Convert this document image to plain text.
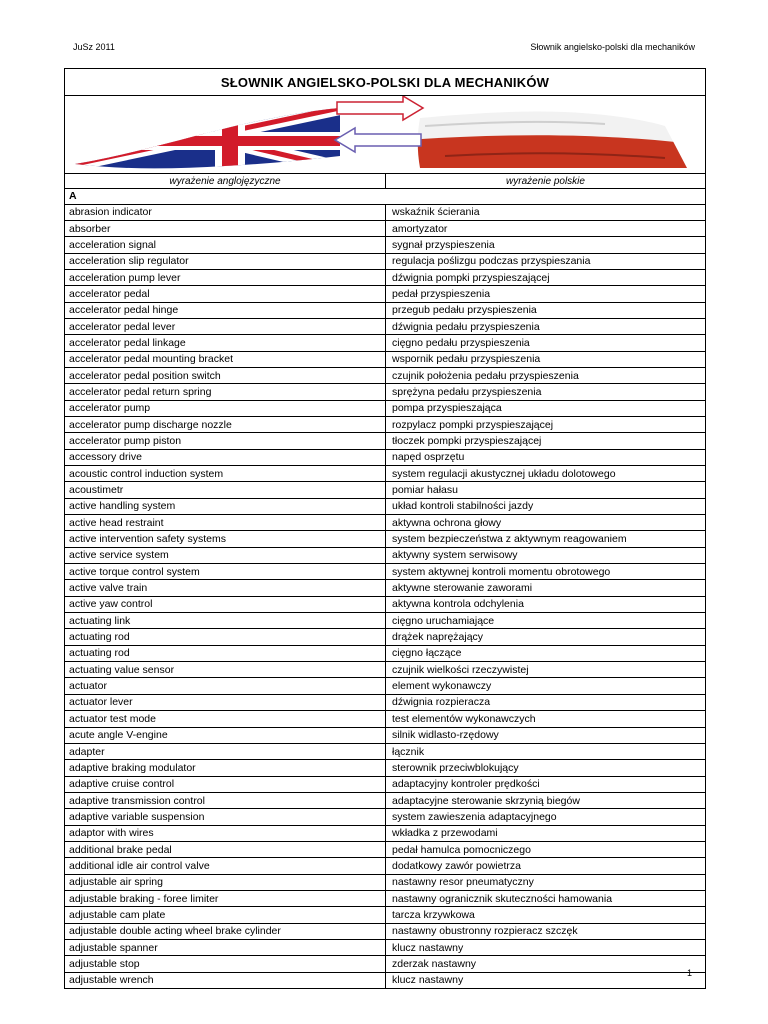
JuSz 2011	Słownik angielsko-polski dla mechaników
SŁOWNIK ANGIELSKO-POLSKI DLA MECHANIKÓW
wyrażenie anglojęzyczne	wyrażenie polskie
A
abrasion indicator	wskaźnik ścierania
absorber	amortyzator
acceleration signal	sygnał przyspieszenia
acceleration slip regulator	regulacja poślizgu podczas przyspieszania
acceleration pump lever	dźwignia pompki przyspieszającej
accelerator pedal	pedał przyspieszenia
accelerator pedal hinge	przegub pedału przyspieszenia
accelerator pedal lever	dźwignia pedału przyspieszenia
accelerator pedal linkage	cięgno pedału przyspieszenia
accelerator pedal mounting bracket	wspornik pedału przyspieszenia
accelerator pedal position switch	czujnik położenia pedału przyspieszenia
accelerator pedal return spring	sprężyna pedału przyspieszenia
accelerator pump	pompa przyspieszająca
accelerator pump discharge nozzle	rozpylacz pompki przyspieszającej
accelerator pump piston	tłoczek pompki przyspieszającej
accessory drive	napęd osprzętu
acoustic control induction system	system regulacji akustycznej układu dolotowego
acoustimetr	pomiar hałasu
active handling system	układ kontroli stabilności jazdy
active head restraint	aktywna ochrona głowy
active intervention safety systems	system bezpieczeństwa z aktywnym reagowaniem
active service system	aktywny system serwisowy
active torque control system	system aktywnej kontroli momentu obrotowego
active valve train	aktywne sterowanie zaworami
active yaw control	aktywna kontrola odchylenia
actuating link	cięgno uruchamiające
actuating rod	drążek naprężający
actuating rod	cięgno łączące
actuating value sensor	czujnik wielkości rzeczywistej
actuator	element wykonawczy
actuator lever	dźwignia rozpieracza
actuator test mode	test elementów wykonawczych
acute angle V-engine	silnik widlasto-rzędowy
adapter	łącznik
adaptive braking modulator	sterownik przeciwblokujący
adaptive cruise control	adaptacyjny kontroler prędkości
adaptive transmission control	adaptacyjne sterowanie skrzynią biegów
adaptive variable suspension	system zawieszenia adaptacyjnego
adaptor with wires	wkładka z przewodami
additional brake pedal	pedał hamulca pomocniczego
additional idle air control valve	dodatkowy zawór powietrza
adjustable air spring	nastawny resor pneumatyczny
adjustable braking - foree limiter	nastawny ogranicznik skuteczności hamowania
adjustable cam plate	tarcza krzywkowa
adjustable double acting wheel brake cylinder	nastawny obustronny rozpieracz szczęk
adjustable spanner	klucz nastawny
adjustable stop	zderzak nastawny
adjustable wrench	klucz nastawny
1
